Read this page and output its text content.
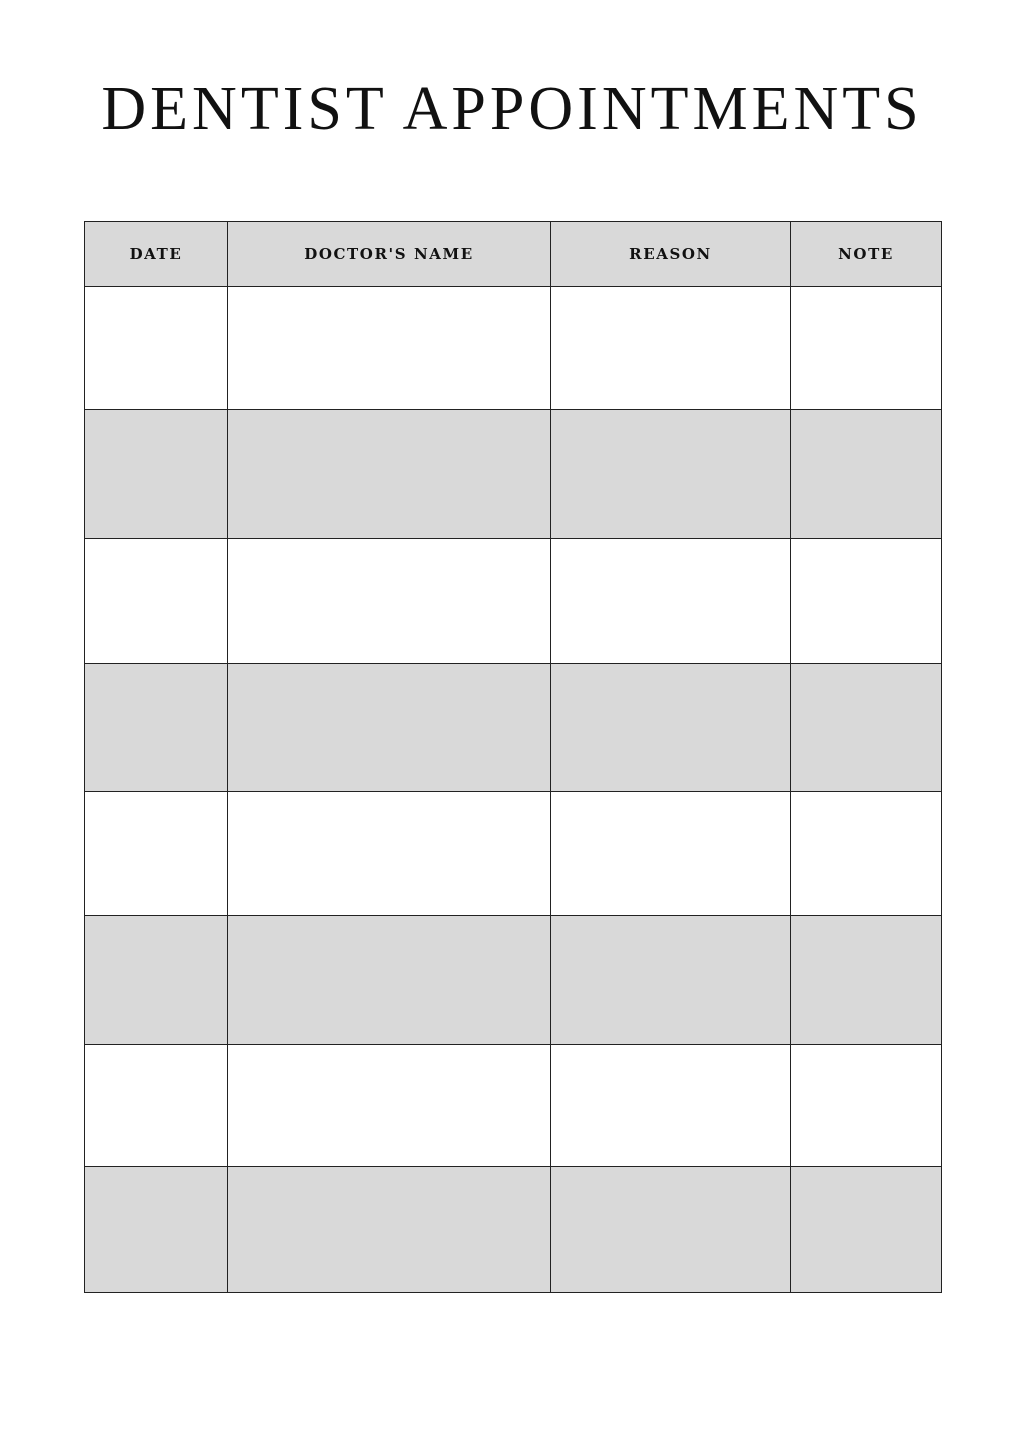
DENTIST APPOINTMENTS
DATE	DOCTOR'S NAME	REASON	NOTE
